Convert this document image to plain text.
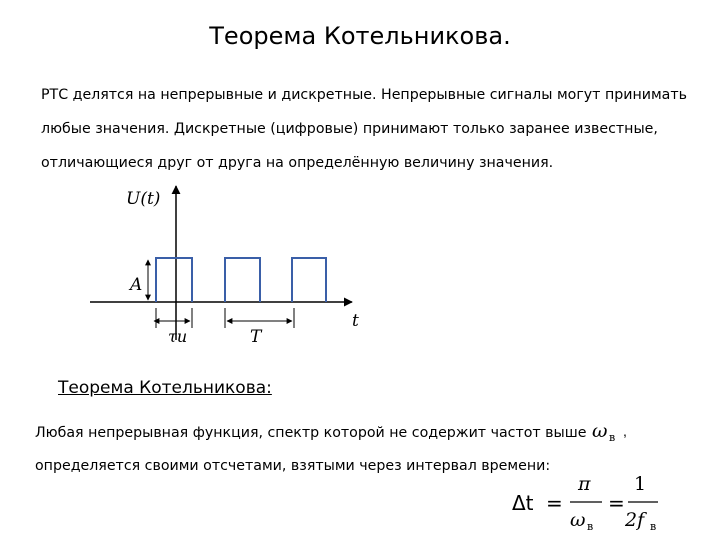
Теорема Котельникова.
РТС делятся на непрерывные и дискретные. Непрерывные сигналы могут принимать
любые значения. Дискретные (цифровые) принимают только заранее известные,
отличающиеся друг от друга на определённую величину значения.
U(t)
t
A
τи	T
Теорема Котельникова:
Любая непрерывная функция, спектр которой не содержит частот выше ω в ,
определяется своими отсчетами, взятыми через интервал времени:
Δt =
π
ω в
=
1
2f в
